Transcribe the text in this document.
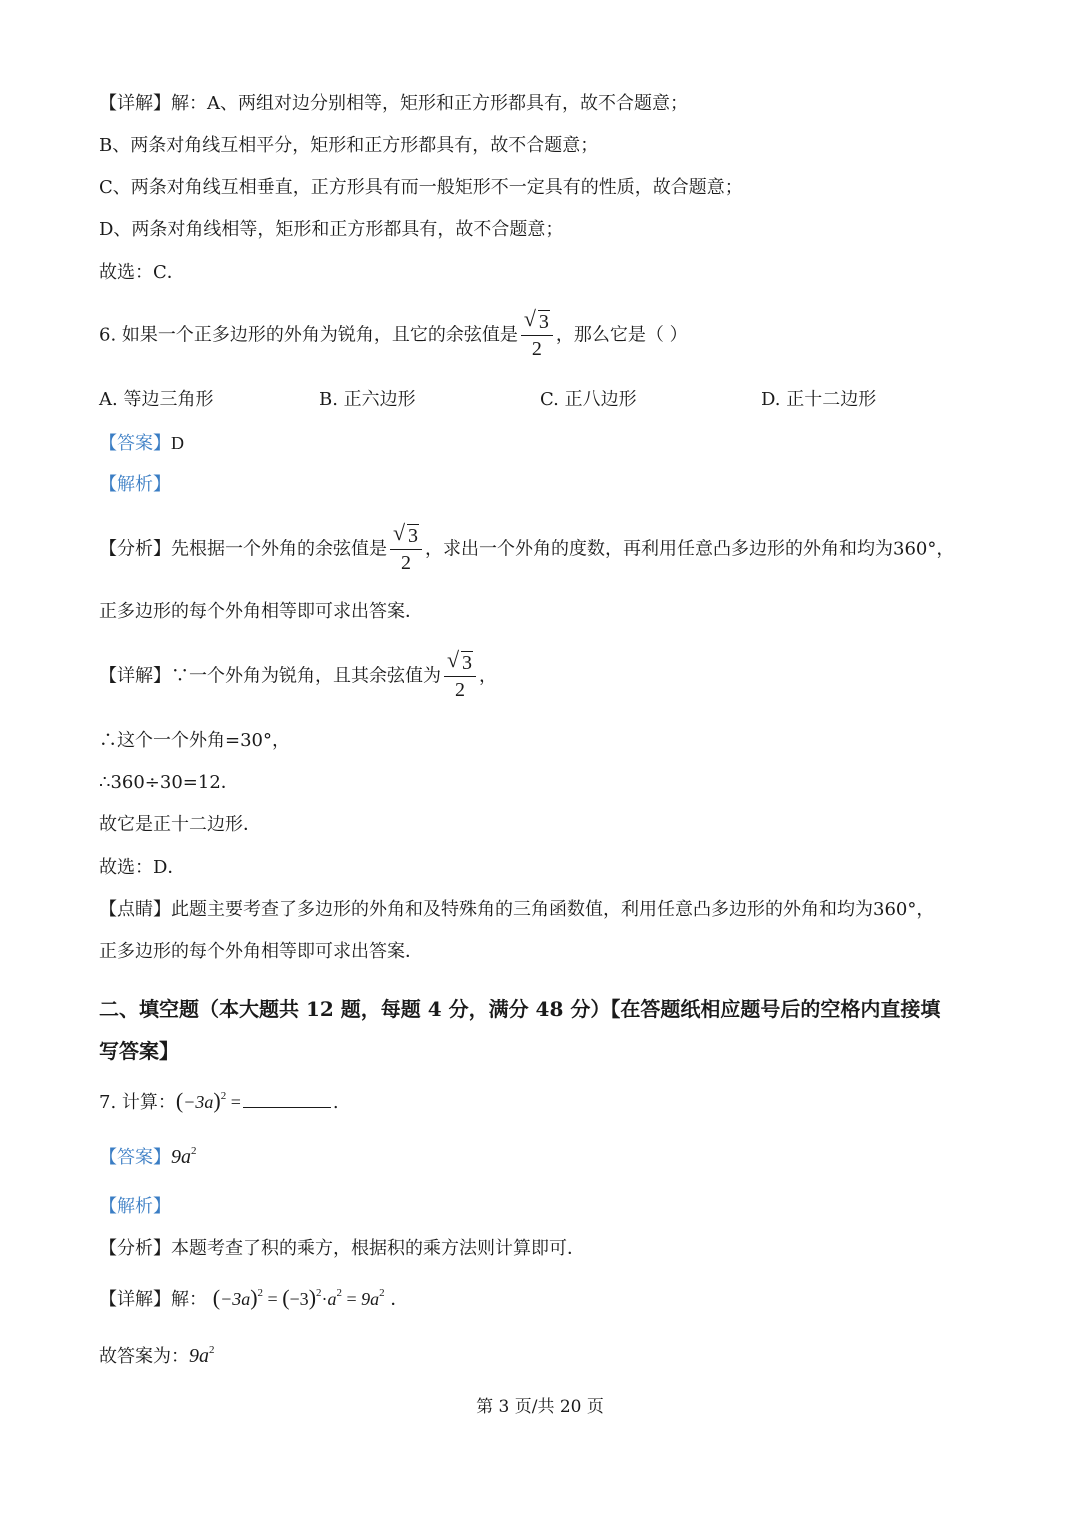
【详解】解：A、两组对边分别相等，矩形和正方形都具有，故不合题意；
B、两条对角线互相平分，矩形和正方形都具有，故不合题意；
C、两条对角线互相垂直，正方形具有而一般矩形不一定具有的性质，故合题意；
D、两条对角线相等，矩形和正方形都具有，故不合题意；
故选：C．
6. 如果一个正多边形的外角为锐角，且它的余弦值是 $\frac{√ 3}{2}$ ，那么它是（ ）
A. 等边三角形	B. 正六边形	C. 正八边形	D. 正十二边形
【答案】D
【解析】
【分析】先根据一个外角的余弦值是 $\frac{√ 3}{2}$ ，求出一个外角的度数，再利用任意凸多边形的外角和均为360°，
正多边形的每个外角相等即可求出答案．
【详解】∵一个外角为锐角，且其余弦值为 $\frac{√ 3}{2}$ ，
∴这个一个外角=30°，
∴360÷30=12．
故它是正十二边形．
故选：D．
【点睛】此题主要考查了多边形的外角和及特殊角的三角函数值，利用任意凸多边形的外角和均为360°，
正多边形的每个外角相等即可求出答案．
二、填空题（本大题共 12 题，每题 4 分，满分 48 分）【在答题纸相应题号后的空格内直接填
写答案】
7. 计算：$(-3a)^2$ =	.
【答案】$9a^2$
【解析】
【分析】本题考查了积的乘方，根据积的乘方法则计算即可．
【详解】解： $(-3a)^2 = (-3)^2\cdot a^2 = 9a^2$ ．
故答案为：$9a^2$
第 3 页/共 20 页
